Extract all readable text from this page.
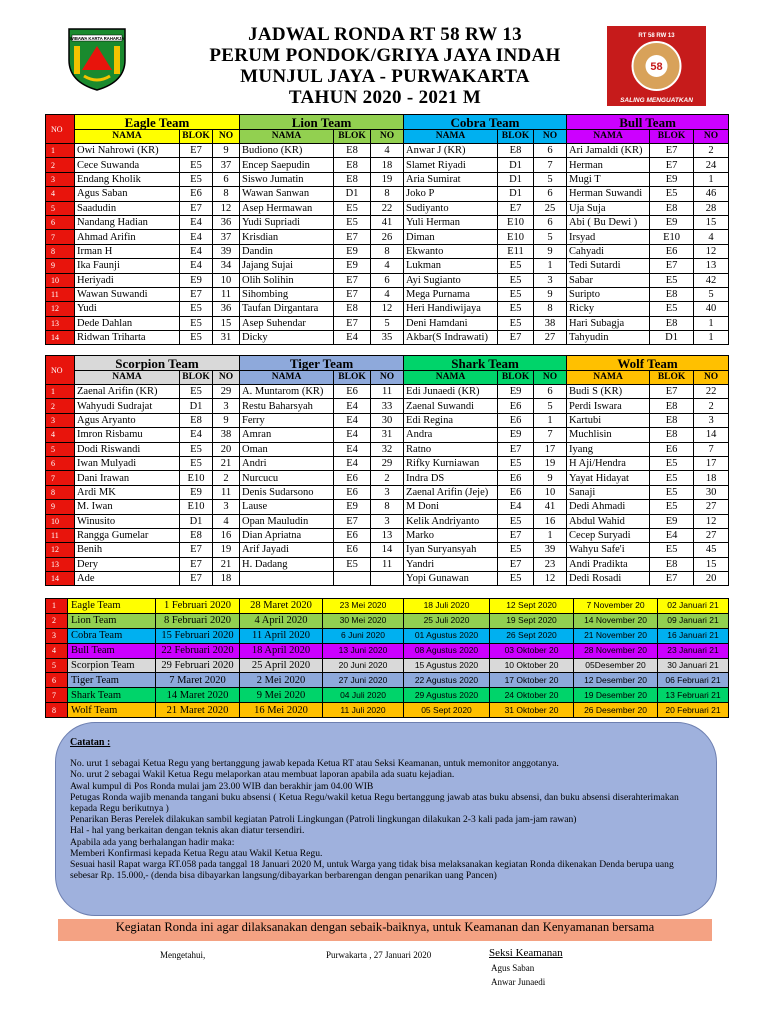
WIBAWA KARTA RAHARJA	JADWAL RONDA RT 58 RW 13
PERUM PONDOK/GRIYA JAYA INDAH
MUNJUL JAYA - PURWAKARTA
TAHUN 2020 - 2021 M
RT 58 RW 13
58
SALING MENGUATKAN
NO	Eagle Team			Lion Team			Cobra Team			Bull Team		
	NAMA	BLOK	NO	NAMA	BLOK	NO	NAMA	BLOK	NO	NAMA	BLOK	NO
1	Owi Nahrowi (KR)	E7	9	Budiono (KR)	E8	4	Anwar J (KR)	E8	6	Ari Jamaldi (KR)	E7	2
2	Cece Suwanda	E5	37	Encep Saepudin	E8	18	Slamet Riyadi	D1	7	Herman	E7	24
3	Endang Kholik	E5	6	Siswo Jumatin	E8	19	Aria Sumirat	D1	5	Mugi T	E9	1
4	Agus Saban	E6	8	Wawan Sanwan	D1	8	Joko P	D1	6	Herman Suwandi	E5	46
5	Saadudin	E7	12	Asep Hermawan	E5	22	Sudiyanto	E7	25	Uja Suja	E8	28
6	Nandang Hadian	E4	36	Yudi Supriadi	E5	41	Yuli Herman	E10	6	Abi ( Bu Dewi )	E9	15
7	Ahmad Arifin	E4	37	Krisdian	E7	26	Diman	E10	5	Irsyad	E10	4
8	Irman H	E4	39	Dandin	E9	8	Ekwanto	E11	9	Cahyadi	E6	12
9	Ika Faunji	E4	34	Jajang Sujai	E9	4	Lukman	E5	1	Tedi Sutardi	E7	13
10	Heriyadi	E9	10	Olih Solihin	E7	6	Ayi Sugianto	E5	3	Sabar	E5	42
11	Wawan Suwandi	E7	11	Sihombing	E7	4	Mega Purnama	E5	9	Suripto	E8	5
12	Yudi	E5	36	Taufan Dirgantara	E8	12	Heri Handiwijaya	E5	8	Ricky	E5	40
13	Dede Dahlan	E5	15	Asep Suhendar	E7	5	Deni Hamdani	E5	38	Hari Subagja	E8	1
14	Ridwan Triharta	E5	31	Dicky	E4	35	Akbar(S Indrawati)	E7	27	Tahyudin	D1	1
NO	Scorpion Team			Tiger Team			Shark Team			Wolf Team		
	NAMA	BLOK	NO	NAMA	BLOK	NO	NAMA	BLOK	NO	NAMA	BLOK	NO
1	Zaenal Arifin (KR)	E5	29	A. Muntarom (KR)	E6	11	Edi Junaedi (KR)	E9	6	Budi S (KR)	E7	22
2	Wahyudi Sudrajat	D1	3	Restu Baharsyah	E4	33	Zaenal Suwandi	E6	5	Perdi Iswara	E8	2
3	Agus Aryanto	E8	9	Ferry	E4	30	Edi Regina	E6	1	Kartubi	E8	3
4	Imron Risbamu	E4	38	Amran	E4	31	Andra	E9	7	Muchlisin	E8	14
5	Dodi Riswandi	E5	20	Oman	E4	32	Ratno	E7	17	Iyang	E6	7
6	Iwan Mulyadi	E5	21	Andri	E4	29	Rifky Kurniawan	E5	19	H Aji/Hendra	E5	17
7	Dani Irawan	E10	2	Nurcucu	E6	2	Indra DS	E6	9	Yayat Hidayat	E5	18
8	Ardi MK	E9	11	Denis Sudarsono	E6	3	Zaenal Arifin (Jeje)	E6	10	Sanaji	E5	30
9	M. Iwan	E10	3	Lause	E9	8	M Doni	E4	41	Dedi Ahmadi	E5	27
10	Winusito	D1	4	Opan Mauludin	E7	3	Kelik Andriyanto	E5	16	Abdul Wahid	E9	12
11	Rangga Gumelar	E8	16	Dian Apriatna	E6	13	Marko	E7	1	Cecep Suryadi	E4	27
12	Benih	E7	19	Arif Jayadi	E6	14	Iyan Suryansyah	E5	39	Wahyu Safe'i	E5	45
13	Dery	E7	21	H. Dadang	E5	11	Yandri	E7	23	Andi Pradikta	E8	15
14	Ade	E7	18				Yopi Gunawan	E5	12	Dedi Rosadi	E7	20
1	Eagle Team	1 Februari 2020	28 Maret 2020	23 Mei 2020	18 Juli 2020	12 Sept 2020	7 November 20	02 Januari 21
2	Lion Team	8 Februari 2020	4 April 2020	30 Mei 2020	25 Juli 2020	19 Sept 2020	14 November 20	09 Januari 21
3	Cobra Team	15 Februari 2020	11 April 2020	6 Juni 2020	01 Agustus 2020	26 Sept 2020	21 November 20	16 Januari 21
4	Bull Team	22 Februari 2020	18 April 2020	13 Juni 2020	08 Agustus 2020	03 Oktober 20	28 November 20	23 Januari 21
5	Scorpion Team	29 Februari 2020	25 April 2020	20 Juni 2020	15 Agustus 2020	10 Oktober 20	05Desember 20	30 Januari 21
6	Tiger Team	7 Maret 2020	2 Mei 2020	27 Juni 2020	22 Agustus 2020	17 Oktober 20	12 Desember 20	06 Februari 21
7	Shark Team	14 Maret 2020	9 Mei 2020	04 Juli 2020	29 Agustus 2020	24 Oktober 20	19 Desember 20	13 Februari 21
8	Wolf Team	21 Maret 2020	16 Mei 2020	11 Juli 2020	05 Sept 2020	31 Oktober 20	26 Desember 20	20 Februari 21
Catatan :
No. urut 1 sebagai Ketua Regu yang bertanggung jawab kepada Ketua RT atau Seksi Keamanan, untuk memonitor anggotanya.
No. urut 2 sebagai Wakil Ketua Regu melaporkan atau membuat laporan apabila ada suatu kejadian.
Awal kumpul di Pos Ronda mulai jam 23.00 WIB dan berakhir jam 04.00 WIB
Petugas Ronda wajib menanda tangani buku absensi ( Ketua Regu/wakil ketua Regu bertanggung jawab atas buku absensi, dan buku absensi diserahterimakan kepada Regu berikutnya )
Penarikan Beras Perelek dilakukan sambil kegiatan Patroli Lingkungan (Patroli lingkungan dilakukan 2-3 kali pada jam-jam rawan)
Hal - hal yang berkaitan dengan teknis akan diatur tersendiri.
Apabila ada yang berhalangan hadir maka:
Memberi Konfirmasi kepada Ketua Regu atau Wakil Ketua Regu.
Sesuai hasil Rapat warga RT.058 pada tanggal 18 Januari 2020 M, untuk Warga yang tidak bisa melaksanakan kegiatan Ronda dikenakan Denda berupa uang sebesar Rp. 15.000,- (denda bisa dibayarkan langsung/dibayarkan berbarengan dengan penarikan uang Pancen)
Kegiatan Ronda ini agar dilaksanakan dengan sebaik-baiknya, untuk Keamanan dan Kenyamanan bersama
Mengetahui,	Purwakarta , 27 Januari 2020	Seksi Keamanan
Agus Saban
Anwar Junaedi
